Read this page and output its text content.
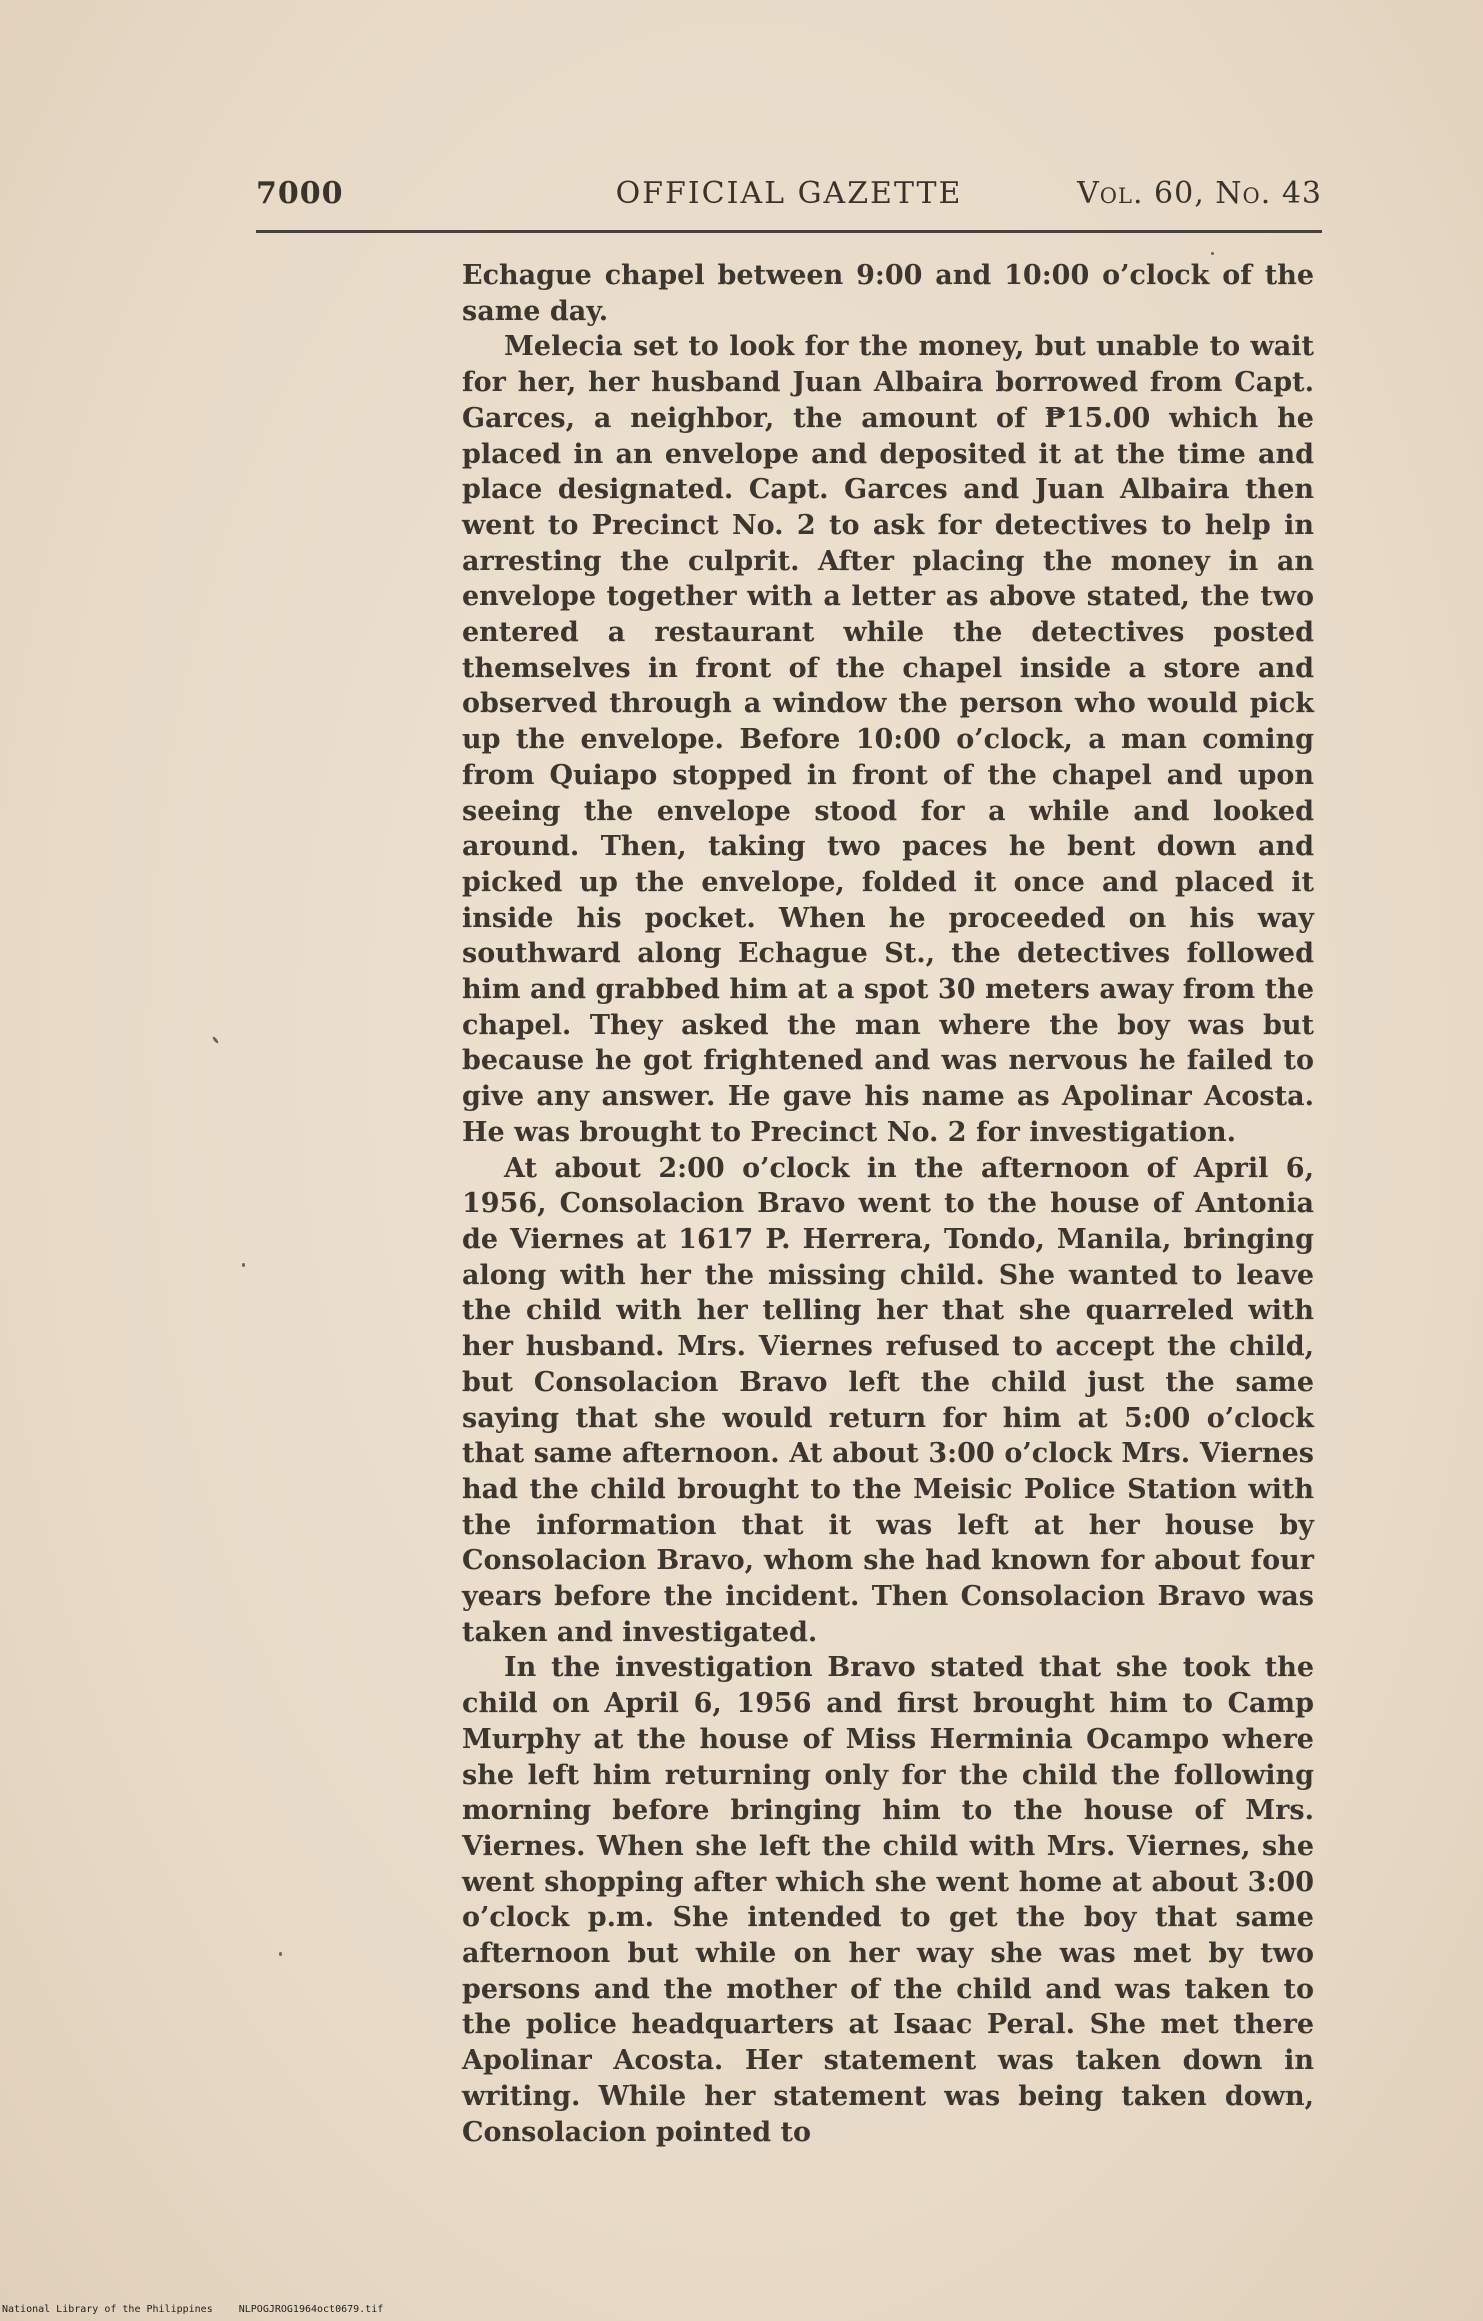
OFFICIAL GAZETTE
7000	Vol. 60, No. 43

Echague chapel between 9:00 and 10:00 o’clock of the same day.

Melecia set to look for the money, but unable to wait for her, her husband Juan Albaira borrowed from Capt. Garces, a neighbor, the amount of ₱15.00 which he placed in an envelope and deposited it at the time and place designated. Capt. Garces and Juan Albaira then went to Precinct No. 2 to ask for detectives to help in arresting the culprit. After placing the money in an envelope together with a letter as above stated, the two entered a restaurant while the detectives posted themselves in front of the chapel inside a store and observed through a window the person who would pick up the envelope. Before 10:00 o’clock, a man coming from Quiapo stopped in front of the chapel and upon seeing the envelope stood for a while and looked around. Then, taking two paces he bent down and picked up the envelope, folded it once and placed it inside his pocket. When he proceeded on his way southward along Echague St., the detectives followed him and grabbed him at a spot 30 meters away from the chapel. They asked the man where the boy was but because he got frightened and was nervous he failed to give any answer. He gave his name as Apolinar Acosta. He was brought to Precinct No. 2 for investigation.

At about 2:00 o’clock in the afternoon of April 6, 1956, Consolacion Bravo went to the house of Antonia de Viernes at 1617 P. Herrera, Tondo, Manila, bringing along with her the missing child. She wanted to leave the child with her telling her that she quarreled with her husband. Mrs. Viernes refused to accept the child, but Consolacion Bravo left the child just the same saying that she would return for him at 5:00 o’clock that same afternoon. At about 3:00 o’clock Mrs. Viernes had the child brought to the Meisic Police Station with the information that it was left at her house by Consolacion Bravo, whom she had known for about four years before the incident. Then Consolacion Bravo was taken and investigated.

In the investigation Bravo stated that she took the child on April 6, 1956 and first brought him to Camp Murphy at the house of Miss Herminia Ocampo where she left him returning only for the child the following morning before bringing him to the house of Mrs. Viernes. When she left the child with Mrs. Viernes, she went shopping after which she went home at about 3:00 o’clock p.m. She intended to get the boy that same afternoon but while on her way she was met by two persons and the mother of the child and was taken to the police headquarters at Isaac Peral. She met there Apolinar Acosta. Her statement was taken down in writing. While her statement was being taken down, Consolacion pointed to

National Library of the Philippines	NLPOGJROG1964oct0679.tif
